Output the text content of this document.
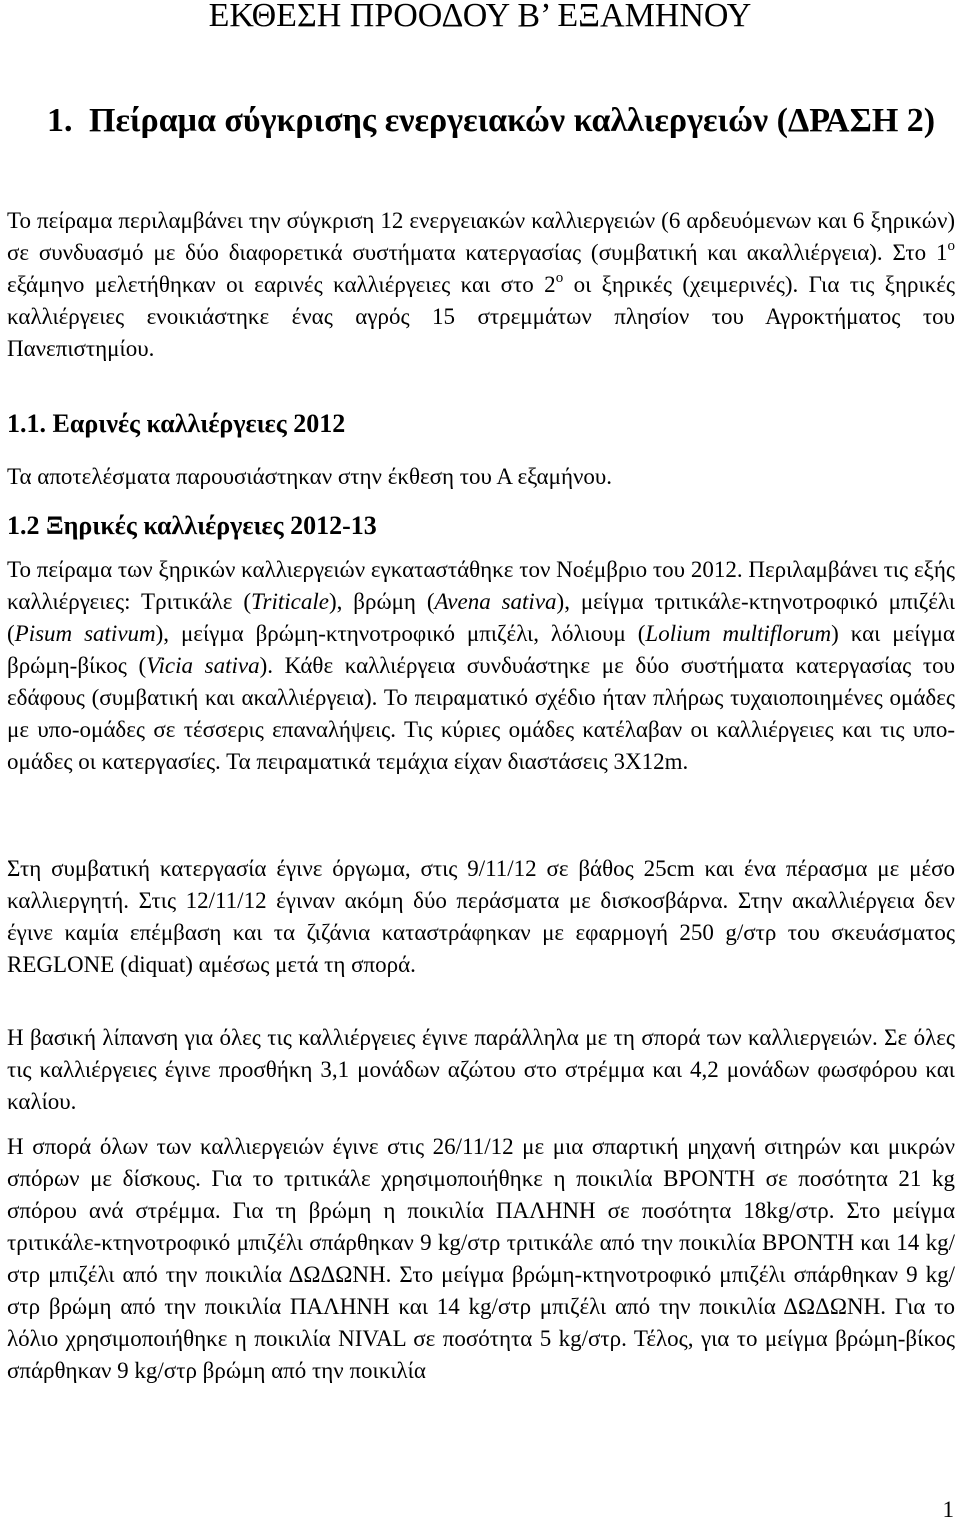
ΕΚΘΕΣΗ ΠΡΟΟΔΟΥ Β’ ΕΞΑΜΗΝΟΥ
1. Πείραμα σύγκρισης ενεργειακών καλλιεργειών (ΔΡΑΣΗ 2)

Το πείραμα περιλαμβάνει την σύγκριση 12 ενεργειακών καλλιεργειών (6 αρδευόμενων και 6 ξηρικών) σε συνδυασμό με δύο διαφορετικά συστήματα κατεργασίας (συμβατική και ακαλλιέργεια). Στο $1^o$ εξάμηνο μελετήθηκαν οι εαρινές καλλιέργειες και στο $2^o$ οι ξηρικές (χειμερινές). Για τις ξηρικές καλλιέργειες ενοικιάστηκε ένας αγρός 15 στρεμμάτων πλησίον του Αγροκτήματος του Πανεπιστημίου.

1.1. Εαρινές καλλιέργειες 2012

Τα αποτελέσματα παρουσιάστηκαν στην έκθεση του Α εξαμήνου.

1.2 Ξηρικές καλλιέργειες 2012-13

Το πείραμα των ξηρικών καλλιεργειών εγκαταστάθηκε τον Νοέμβριο του 2012. Περιλαμβάνει τις εξής καλλιέργειες: Τριτικάλε (Triticale), βρώμη (Avena sativa), μείγμα τριτικάλε-κτηνοτροφικό μπιζέλι (Pisum sativum), μείγμα βρώμη-κτηνοτροφικό μπιζέλι, λόλιουμ (Lolium multiflorum) και μείγμα βρώμη-βίκος (Vicia sativa). Κάθε καλλιέργεια συνδυάστηκε με δύο συστήματα κατεργασίας του εδάφους (συμβατική και ακαλλιέργεια). Το πειραματικό σχέδιο ήταν πλήρως τυχαιοποιημένες ομάδες με υπο-ομάδες σε τέσσερις επαναλήψεις. Τις κύριες ομάδες κατέλαβαν οι καλλιέργειες και τις υπο-ομάδες οι κατεργασίες. Τα πειραματικά τεμάχια είχαν διαστάσεις 3Χ12m.

Στη συμβατική κατεργασία έγινε όργωμα, στις 9/11/12 σε βάθος 25cm και ένα πέρασμα με μέσο καλλιεργητή. Στις 12/11/12 έγιναν ακόμη δύο περάσματα με δισκοσβάρνα. Στην ακαλλιέργεια δεν έγινε καμία επέμβαση και τα ζιζάνια καταστράφηκαν με εφαρμογή 250 g/στρ του σκευάσματος REGLONE (diquat) αμέσως μετά τη σπορά.

Η βασική λίπανση για όλες τις καλλιέργειες έγινε παράλληλα με τη σπορά των καλλιεργειών. Σε όλες τις καλλιέργειες έγινε προσθήκη 3,1 μονάδων αζώτου στο στρέμμα και 4,2 μονάδων φωσφόρου και καλίου.

Η σπορά όλων των καλλιεργειών έγινε στις 26/11/12 με μια σπαρτική μηχανή σιτηρών και μικρών σπόρων με δίσκους. Για το τριτικάλε χρησιμοποιήθηκε η ποικιλία ΒΡΟΝΤΗ σε ποσότητα 21 kg σπόρου ανά στρέμμα. Για τη βρώμη η ποικιλία ΠΑΛΗΝΗ σε ποσότητα 18kg/στρ. Στο μείγμα τριτικάλε-κτηνοτροφικό μπιζέλι σπάρθηκαν 9 kg/στρ τριτικάλε από την ποικιλία ΒΡΟΝΤΗ και 14 kg/στρ μπιζέλι από την ποικιλία ΔΩΔΩΝΗ. Στο μείγμα βρώμη-κτηνοτροφικό μπιζέλι σπάρθηκαν 9 kg/στρ βρώμη από την ποικιλία ΠΑΛΗΝΗ και 14 kg/στρ μπιζέλι από την ποικιλία ΔΩΔΩΝΗ. Για το λόλιο χρησιμοποιήθηκε η ποικιλία NIVAL σε ποσότητα 5 kg/στρ. Τέλος, για το μείγμα βρώμη-βίκος σπάρθηκαν 9 kg/στρ βρώμη από την ποικιλία

1
